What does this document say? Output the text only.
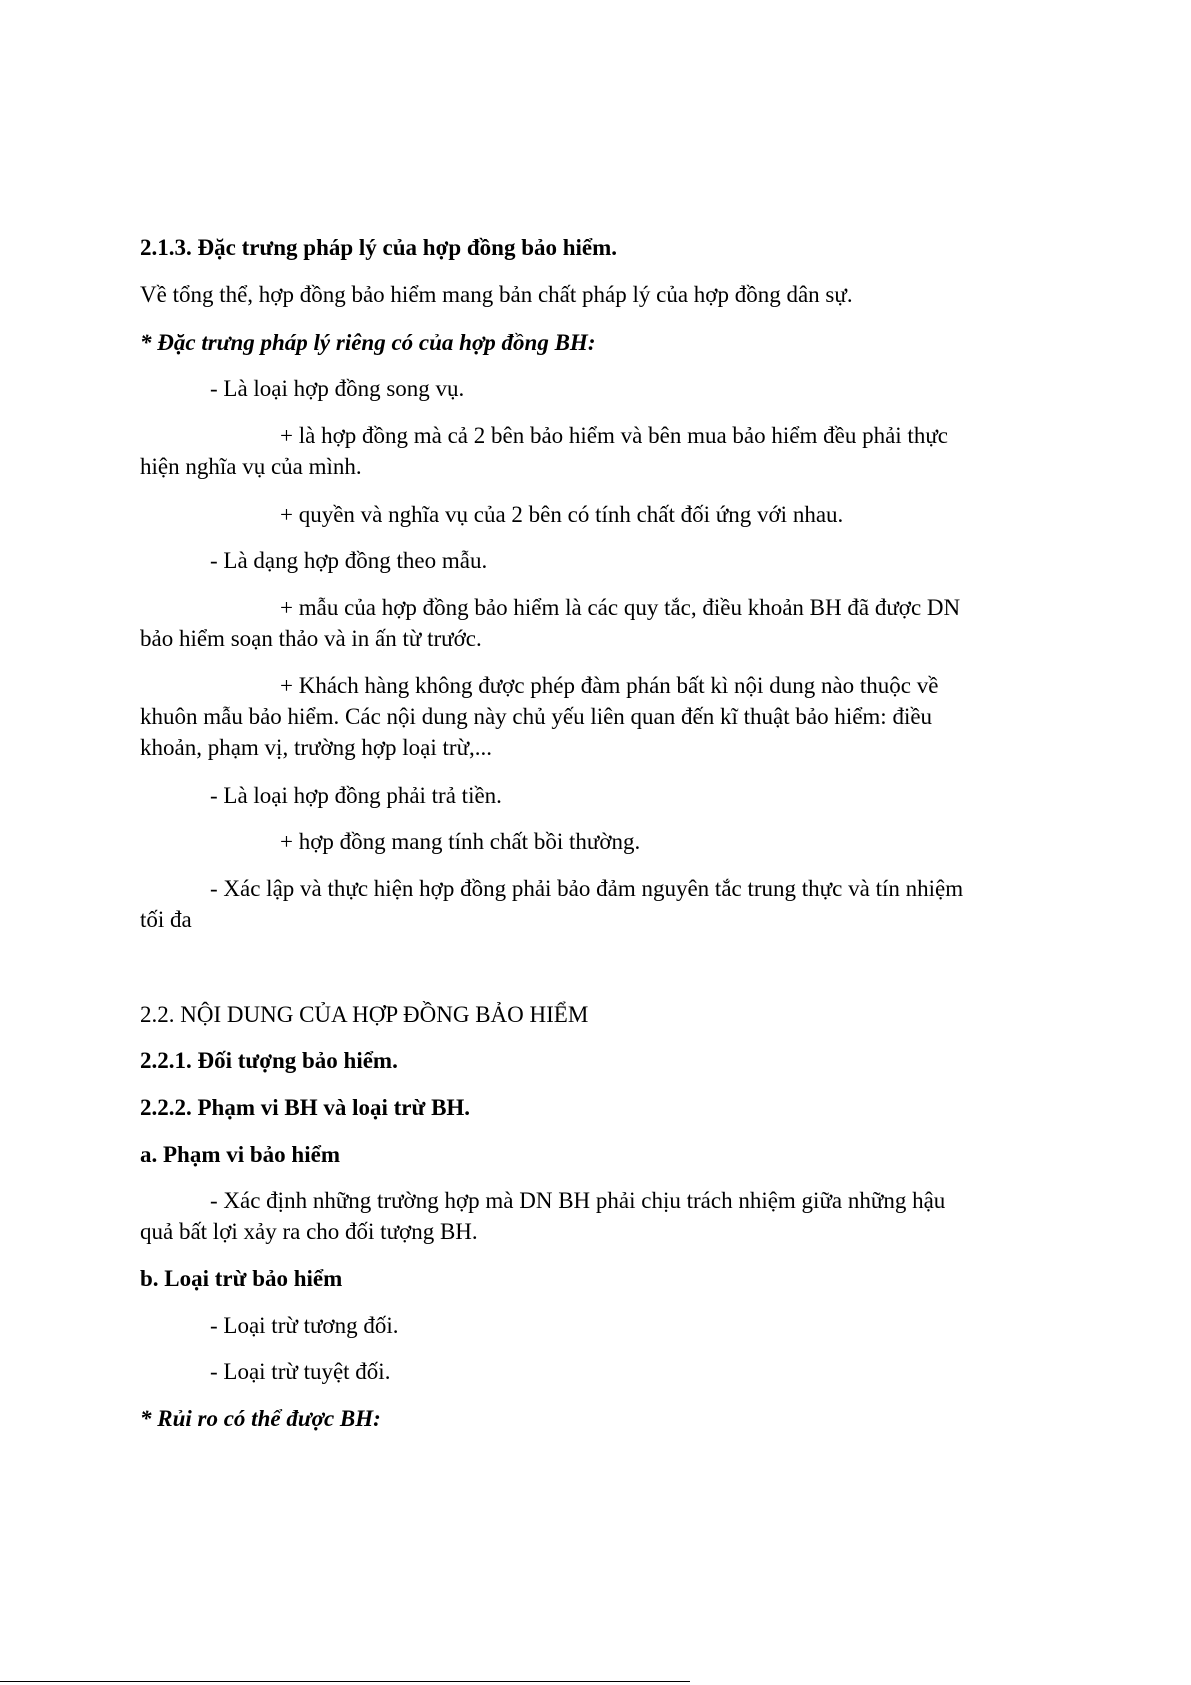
2.1.3. Đặc trưng pháp lý của hợp đồng bảo hiểm.
Về tổng thể, hợp đồng bảo hiểm mang bản chất pháp lý của hợp đồng dân sự.
* Đặc trưng pháp lý riêng có của hợp đồng BH:
- Là loại hợp đồng song vụ.
+ là hợp đồng mà cả 2 bên bảo hiểm và bên mua bảo hiểm đều phải thực
hiện nghĩa vụ của mình.
+ quyền và nghĩa vụ của 2 bên có tính chất đối ứng với nhau.
- Là dạng hợp đồng theo mẫu.
+ mẫu của hợp đồng bảo hiểm là các quy tắc, điều khoản BH đã được DN
bảo hiểm soạn thảo và in ấn từ trước.
+ Khách hàng không được phép đàm phán bất kì nội dung nào thuộc về
khuôn mẫu bảo hiểm. Các nội dung này chủ yếu liên quan đến kĩ thuật bảo hiểm: điều
khoản, phạm vị, trường hợp loại trừ,...
- Là loại hợp đồng phải trả tiền.
+ hợp đồng mang tính chất bồi thường.
- Xác lập và thực hiện hợp đồng phải bảo đảm nguyên tắc trung thực và tín nhiệm
tối đa
2.2. NỘI DUNG CỦA HỢP ĐỒNG BẢO HIỂM
2.2.1. Đối tượng bảo hiểm.
2.2.2. Phạm vi BH và loại trừ BH.
a. Phạm vi bảo hiểm
- Xác định những trường hợp mà DN BH phải chịu trách nhiệm giữa những hậu
quả bất lợi xảy ra cho đối tượng BH.
b. Loại trừ bảo hiểm
- Loại trừ tương đối.
- Loại trừ tuyệt đối.
* Rủi ro có thể được BH:
